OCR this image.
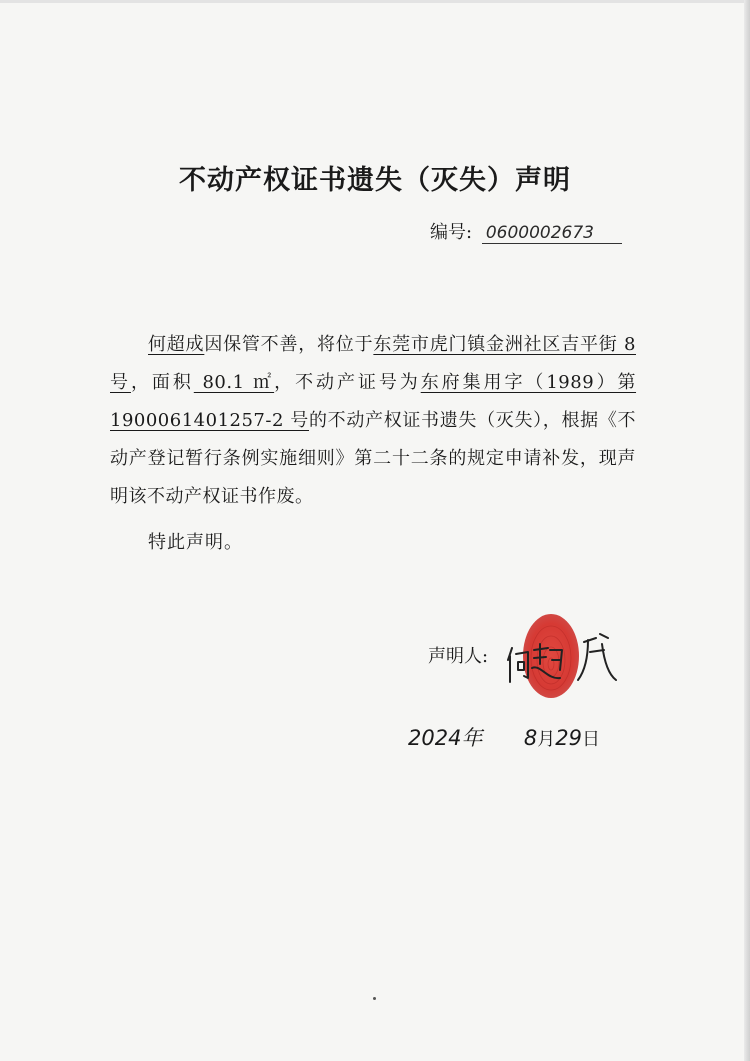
不动产权证书遗失（灭失）声明
编号: 0600002673

何超成因保管不善，将位于东莞市虎门镇金洲社区吉平街 8 号，面积 80.1 ㎡，不动产证号为东府集用字（1989）第 1900061401257-2 号的不动产权证书遗失（灭失），根据《不动产登记暂行条例实施细则》第二十二条的规定申请补发，现声明该不动产权证书作废。

特此声明。
声明人:
2024年 8月29日
